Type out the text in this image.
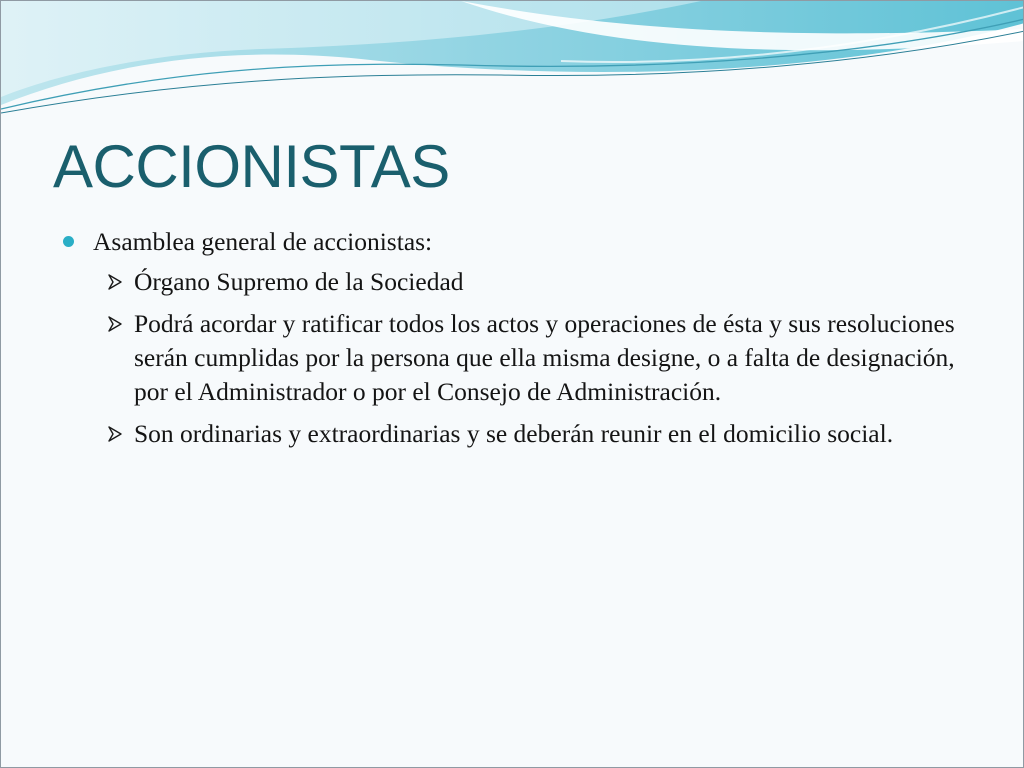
ACCIONISTAS
Asamblea general de accionistas:
Órgano Supremo de la Sociedad
Podrá acordar y ratificar todos los actos y operaciones de ésta y sus resoluciones serán cumplidas por la persona que ella misma designe, o a falta de designación, por el Administrador o por el Consejo de Administración.
Son ordinarias y extraordinarias y se deberán reunir en el domicilio social.
